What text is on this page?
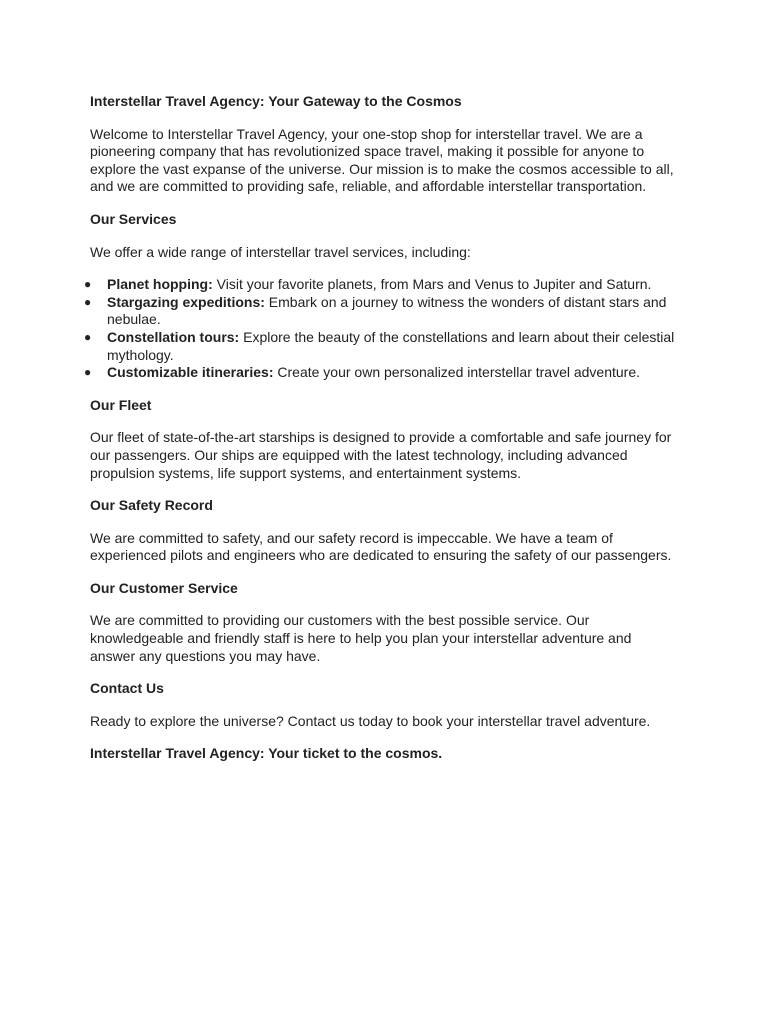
Interstellar Travel Agency: Your Gateway to the Cosmos

Welcome to Interstellar Travel Agency, your one-stop shop for interstellar travel. We are a pioneering company that has revolutionized space travel, making it possible for anyone to explore the vast expanse of the universe. Our mission is to make the cosmos accessible to all, and we are committed to providing safe, reliable, and affordable interstellar transportation.

Our Services

We offer a wide range of interstellar travel services, including:

● Planet hopping: Visit your favorite planets, from Mars and Venus to Jupiter and Saturn.
● Stargazing expeditions: Embark on a journey to witness the wonders of distant stars and nebulae.
● Constellation tours: Explore the beauty of the constellations and learn about their celestial mythology.
● Customizable itineraries: Create your own personalized interstellar travel adventure.

Our Fleet

Our fleet of state-of-the-art starships is designed to provide a comfortable and safe journey for our passengers. Our ships are equipped with the latest technology, including advanced propulsion systems, life support systems, and entertainment systems.

Our Safety Record

We are committed to safety, and our safety record is impeccable. We have a team of experienced pilots and engineers who are dedicated to ensuring the safety of our passengers.

Our Customer Service

We are committed to providing our customers with the best possible service. Our knowledgeable and friendly staff is here to help you plan your interstellar adventure and answer any questions you may have.

Contact Us

Ready to explore the universe? Contact us today to book your interstellar travel adventure.

Interstellar Travel Agency: Your ticket to the cosmos.
